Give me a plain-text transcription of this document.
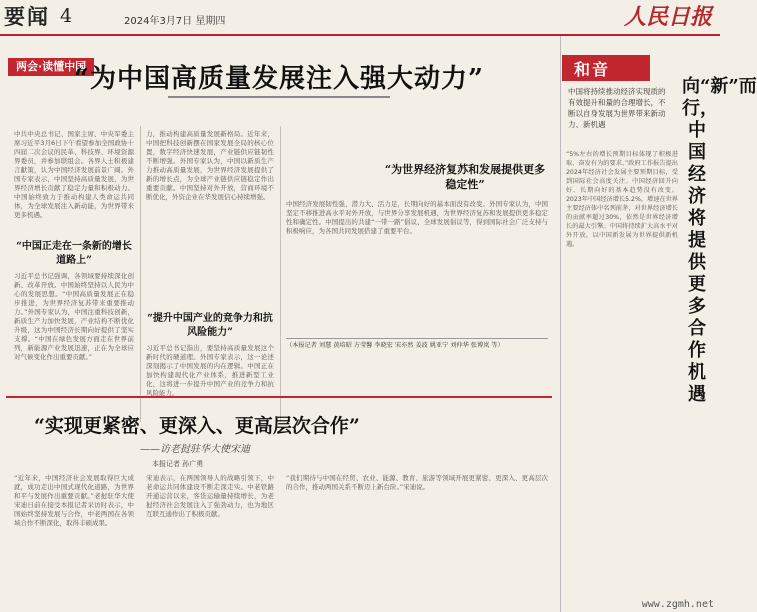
要闻 4	2024年3月7日 星期四	人民日报
两会·读懂中国
“为中国高质量发展注入强大动力”
中共中央总书记、国家主席、中央军委主席习近平3月6日下午看望参加全国政协十四届二次会议的民革、科技界、环境资源界委员，并参加联组会。各界人士积极建言献策，认为中国经济发展前景广阔。外国专家表示，中国坚持高质量发展，为世界经济增长贡献了稳定力量和积极动力。中国始终致力于推动构建人类命运共同体，为全球发展注入新动能，为世界带来更多机遇。
“中国正走在一条新的增长道路上”
习近平总书记强调，各领域要持续深化创新、改革开放。中国始终坚持以人民为中心的发展思想。“中国高质量发展正在稳步推进，为世界经济复苏带来重要推动力。”外国专家认为，中国注重科技创新，新质生产力加快发展，产业结构不断优化升级，这为中国经济长期向好提供了坚实支撑。“中国在绿色发展方面走在世界前列，新能源产业发展迅速，正在为全球应对气候变化作出重要贡献。”
力，推动构建高质量发展新格局。近年来，中国把科技创新摆在国家发展全局的核心位置，数字经济快速发展，产业链供应链韧性不断增强。外国专家认为，中国以新质生产力推动高质量发展，为世界经济发展提供了新的增长点，为全球产业链供应链稳定作出重要贡献。中国坚持对外开放，营商环境不断优化，外资企业在华发展信心持续增强。
“提升中国产业的竞争力和抗风险能力”
习近平总书记指出，要坚持高质量发展这个新时代的硬道理。外国专家表示，这一论述深刻揭示了中国发展的内在逻辑。中国正在加快构建现代化产业体系，推进新型工业化，这将进一步提升中国产业的竞争力和抗风险能力。
“为世界经济复苏和发展提供更多稳定性”
中国经济发展韧性强、潜力大、活力足，长期向好的基本面没有改变。外国专家认为，中国坚定不移推进高水平对外开放，与世界分享发展机遇，为世界经济复苏和发展提供更多稳定性和确定性。中国提出的共建“一带一路”倡议、全球发展倡议等，得到国际社会广泛支持与积极响应，为各国共同发展搭建了重要平台。
（本报记者 刘慧 黄培昭 方莹馨 李晓宏 宋亦然 姜波 姚亚宁 刘仲华 张博岚 等）
“实现更紧密、更深入、更高层次合作”
——访老挝驻华大使宋迪
本报记者 孙广勇
“近年来，中国经济社会发展取得巨大成就，成功走出中国式现代化道路，为世界和平与发展作出重要贡献。”老挝驻华大使宋迪日前在接受本报记者采访时表示，中国始终坚持发展与合作，中老两国在各领域合作不断深化，取得丰硕成果。
宋迪表示，在两国领导人的战略引领下，中老命运共同体建设不断走深走实。中老铁路开通运营以来，客货运输量持续增长，为老挝经济社会发展注入了强劲动力，也为地区互联互通作出了积极贡献。
“我们期待与中国在经贸、农业、能源、教育、旅游等领域开展更紧密、更深入、更高层次的合作，推动两国关系不断迈上新台阶。”宋迪说。
和音
中国将持续推动经济实现质的有效提升和量的合理增长，不断以自身发展为世界带来新动力、新机遇
向“新”而行，中国经济将提供更多合作机遇
“5%左右的增长预期目标体现了积极进取、奋发有为的要求。”政府工作报告提出2024年经济社会发展主要预期目标，受到国际社会高度关注。中国经济回升向好、长期向好的基本趋势没有改变。2023年中国经济增长5.2%，增速在世界主要经济体中名列前茅，对世界经济增长的贡献率超过30%，依然是世界经济增长的最大引擎。中国将持续扩大高水平对外开放，以中国新发展为世界提供新机遇。
www.zgmh.net
